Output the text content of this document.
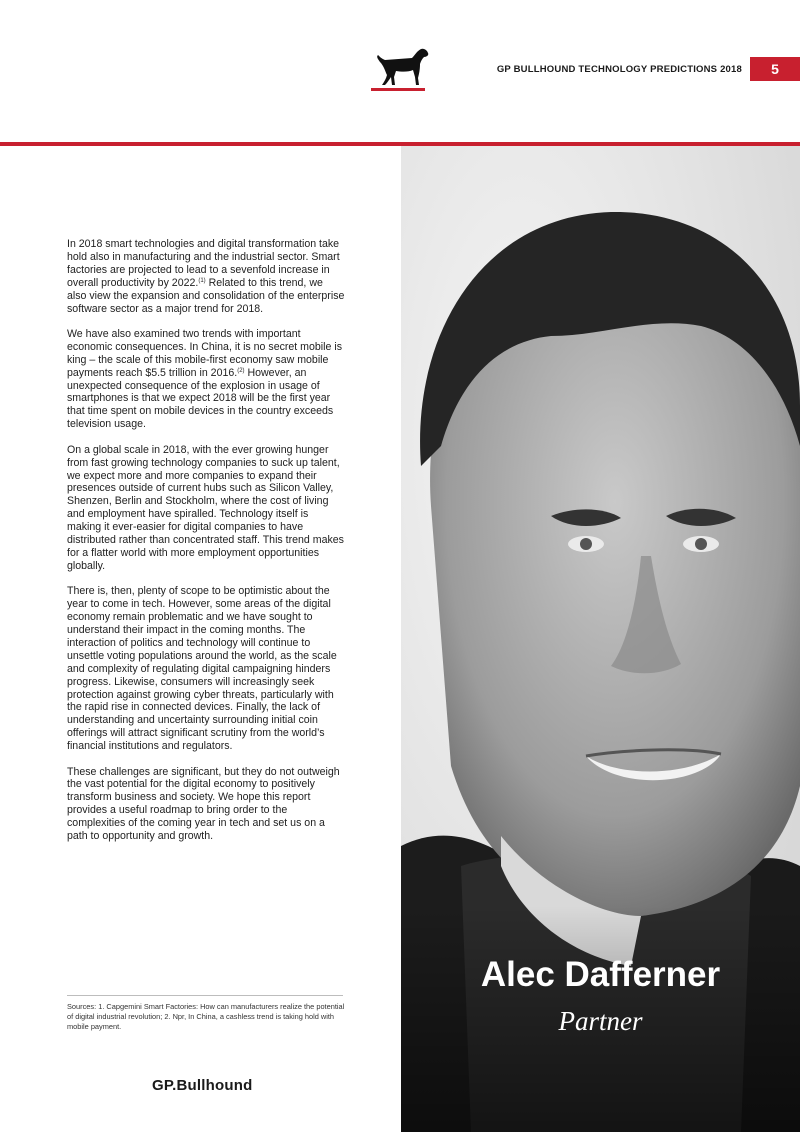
GP BULLHOUND TECHNOLOGY PREDICTIONS 2018	5

In 2018 smart technologies and digital transformation take hold also in manufacturing and the industrial sector. Smart factories are projected to lead to a sevenfold increase in overall productivity by 2022.$^{(1)}$ Related to this trend, we also view the expansion and consolidation of the enterprise software sector as a major trend for 2018.

We have also examined two trends with important economic consequences. In China, it is no secret mobile is king – the scale of this mobile-first economy saw mobile payments reach $5.5 trillion in 2016.$^{(2)}$ However, an unexpected consequence of the explosion in usage of smartphones is that we expect 2018 will be the first year that time spent on mobile devices in the country exceeds television usage.

On a global scale in 2018, with the ever growing hunger from fast growing technology companies to suck up talent, we expect more and more companies to expand their presences outside of current hubs such as Silicon Valley, Shenzen, Berlin and Stockholm, where the cost of living and employment have spiralled. Technology itself is making it ever-easier for digital companies to have distributed rather than concentrated staff. This trend makes for a flatter world with more employment opportunities globally.

There is, then, plenty of scope to be optimistic about the year to come in tech. However, some areas of the digital economy remain problematic and we have sought to understand their impact in the coming months. The interaction of politics and technology will continue to unsettle voting populations around the world, as the scale and complexity of regulating digital campaigning hinders progress. Likewise, consumers will increasingly seek protection against growing cyber threats, particularly with the rapid rise in connected devices. Finally, the lack of understanding and uncertainty surrounding initial coin offerings will attract significant scrutiny from the world’s financial institutions and regulators.

These challenges are significant, but they do not outweigh the vast potential for the digital economy to positively transform business and society. We hope this report provides a useful roadmap to bring order to the complexities of the coming year in tech and set us on a path to opportunity and growth.

Sources: 1. Capgemini Smart Factories: How can manufacturers realize the potential of digital industrial revolution; 2. Npr, In China, a cashless trend is taking hold with mobile payment.
GP.Bullhound
Alec Dafferner
Partner
